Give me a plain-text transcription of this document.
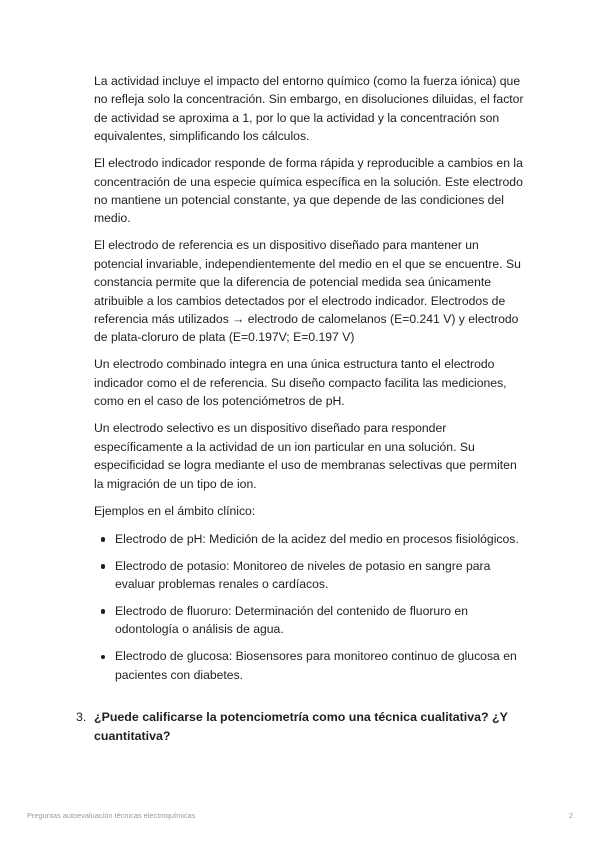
La actividad incluye el impacto del entorno químico (como la fuerza iónica) que no refleja solo la concentración. Sin embargo, en disoluciones diluidas, el factor de actividad se aproxima a 1, por lo que la actividad y la concentración son equivalentes, simplificando los cálculos.

El electrodo indicador responde de forma rápida y reproducible a cambios en la concentración de una especie química específica en la solución. Este electrodo no mantiene un potencial constante, ya que depende de las condiciones del medio.

El electrodo de referencia es un dispositivo diseñado para mantener un potencial invariable, independientemente del medio en el que se encuentre. Su constancia permite que la diferencia de potencial medida sea únicamente atribuible a los cambios detectados por el electrodo indicador. Electrodos de referencia más utilizados → electrodo de calomelanos (E=0.241 V) y electrodo de plata-cloruro de plata (E=0.197V; E=0.197 V)

Un electrodo combinado integra en una única estructura tanto el electrodo indicador como el de referencia. Su diseño compacto facilita las mediciones, como en el caso de los potenciómetros de pH.

Un electrodo selectivo es un dispositivo diseñado para responder específicamente a la actividad de un ion particular en una solución. Su especificidad se logra mediante el uso de membranas selectivas que permiten la migración de un tipo de ion.

Ejemplos en el ámbito clínico:

Electrodo de pH: Medición de la acidez del medio en procesos fisiológicos.
Electrodo de potasio: Monitoreo de niveles de potasio en sangre para evaluar problemas renales o cardíacos.
Electrodo de fluoruro: Determinación del contenido de fluoruro en odontología o análisis de agua.
Electrodo de glucosa: Biosensores para monitoreo continuo de glucosa en pacientes con diabetes.
3. ¿Puede calificarse la potenciometría como una técnica cualitativa? ¿Y cuantitativa?
Preguntas autoevaluación técnicas electroquímicas	2
